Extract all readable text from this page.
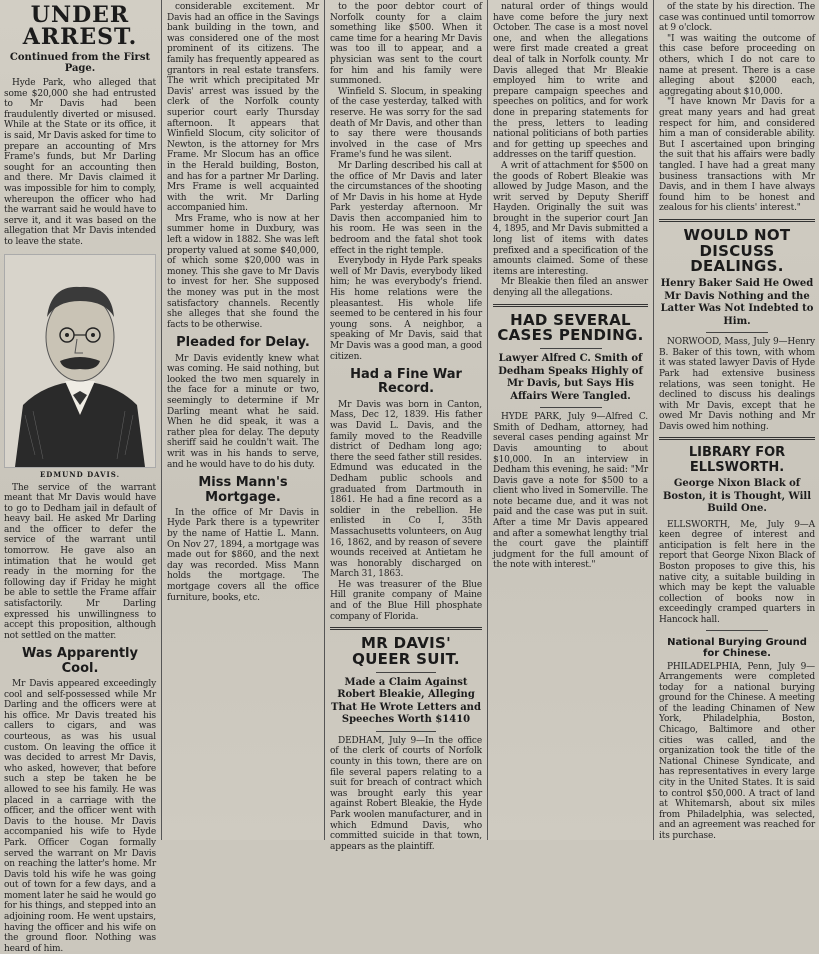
UNDER ARREST.
Continued from the First Page.

Hyde Park, who alleged that some $20,000 she had entrusted to Mr Davis had been fraudulently diverted or misused. While at the State or its office, it is said, Mr Davis asked for time to prepare an accounting of Mrs Frame's funds, but Mr Darling sought for an accounting then and there. Mr Davis claimed it was impossible for him to comply, whereupon the officer who had the warrant said he would have to serve it, and it was based on the allegation that Mr Davis intended to leave the state.

EDMUND DAVIS.

The service of the warrant meant that Mr Davis would have to go to Dedham jail in default of heavy bail. He asked Mr Darling and the officer to defer the service of the warrant until tomorrow. He gave also an intimation that he would get ready in the morning for the following day if Friday he might be able to settle the Frame affair satisfactorily. Mr Darling expressed his unwillingness to accept this proposition, although not settled on the matter.

Was Apparently Cool.

Mr Davis appeared exceedingly cool and self-possessed while Mr Darling and the officers were at his office. Mr Davis treated his callers to cigars, and was courteous, as was his usual custom. On leaving the office it was decided to arrest Mr Davis, who asked, however, that before such a step be taken he be allowed to see his family. He was placed in a carriage with the officer, and the officer went with Davis to the house. Mr Davis accompanied his wife to Hyde Park. Officer Cogan formally served the warrant on Mr Davis on reaching the latter's home. Mr Davis told his wife he was going out of town for a few days, and a moment later he said he would go for his things, and stepped into an adjoining room. He went upstairs, having the officer and his wife on the ground floor. Nothing was heard of him.

considerable excitement. Mr Davis had an office in the Savings bank building in the town, and was considered one of the most prominent of its citizens. The family has frequently appeared as grantors in real estate transfers. The writ which precipitated Mr Davis' arrest was issued by the clerk of the Norfolk county superior court early Thursday afternoon. It appears that Winfield Slocum, city solicitor of Newton, is the attorney for Mrs Frame. Mr Slocum has an office in the Herald building, Boston, and has for a partner Mr Darling. Mrs Frame is well acquainted with the writ. Mr Darling accompanied him.

Mrs Frame, who is now at her summer home in Duxbury, was left a widow in 1882. She was left property valued at some $40,000, of which some $20,000 was in money. This she gave to Mr Davis to invest for her. She supposed the money was put in the most satisfactory channels. Recently she alleges that she found the facts to be otherwise.

Pleaded for Delay.

Mr Davis evidently knew what was coming. He said nothing, but looked the two men squarely in the face for a minute or two, seemingly to determine if Mr Darling meant what he said. When he did speak, it was a rather plea for delay. The deputy sheriff said he couldn't wait. The writ was in his hands to serve, and he would have to do his duty.

Miss Mann's Mortgage.

In the office of Mr Davis in Hyde Park there is a typewriter by the name of Hattie L. Mann. On Nov 27, 1894, a mortgage was made out for $860, and the next day was recorded. Miss Mann holds the mortgage. The mortgage covers all the office furniture, books, etc.

to the poor debtor court of Norfolk county for a claim something like $500. When it came time for a hearing Mr Davis was too ill to appear, and a physician was sent to the court for him and his family were summoned.

Winfield S. Slocum, in speaking of the case yesterday, talked with reserve. He was sorry for the sad death of Mr Davis, and other than to say there were thousands involved in the case of Mrs Frame's fund he was silent.

Mr Darling described his call at the office of Mr Davis and later the circumstances of the shooting of Mr Davis in his home at Hyde Park yesterday afternoon. Mr Davis then accompanied him to his room. He was seen in the bedroom and the fatal shot took effect in the right temple.

Everybody in Hyde Park speaks well of Mr Davis, everybody liked him; he was everybody's friend. His home relations were the pleasantest. His whole life seemed to be centered in his four young sons. A neighbor, a speaking of Mr Davis, said that Mr Davis was a good man, a good citizen.

Had a Fine War Record.

Mr Davis was born in Canton, Mass, Dec 12, 1839. His father was David L. Davis, and the family moved to the Readville district of Dedham long ago; there the seed father still resides. Edmund was educated in the Dedham public schools and graduated from Dartmouth in 1861. He had a fine record as a soldier in the rebellion. He enlisted in Co I, 35th Massachusetts volunteers, on Aug 16, 1862, and by reason of severe wounds received at Antietam he was honorably discharged on March 31, 1863.

He was treasurer of the Blue Hill granite company of Maine and of the Blue Hill phosphate company of Florida.

MR DAVIS' QUEER SUIT.
Made a Claim Against Robert Bleakie, Alleging That He Wrote Letters and Speeches Worth $1410

DEDHAM, July 9—In the office of the clerk of courts of Norfolk county in this town, there are on file several papers relating to a suit for breach of contract which was brought early this year against Robert Bleakie, the Hyde Park woolen manufacturer, and in which Edmund Davis, who committed suicide in that town, appears as the plaintiff.

natural order of things would have come before the jury next October. The case is a most novel one, and when the allegations were first made created a great deal of talk in Norfolk county. Mr Davis alleged that Mr Bleakie employed him to write and prepare campaign speeches and speeches on politics, and for work done in preparing statements for the press, letters to leading national politicians of both parties and for getting up speeches and addresses on the tariff question.

A writ of attachment for $500 on the goods of Robert Bleakie was allowed by Judge Mason, and the writ served by Deputy Sheriff Hayden. Originally the suit was brought in the superior court Jan 4, 1895, and Mr Davis submitted a long list of items with dates prefixed and a specification of the amounts claimed. Some of these items are interesting.

Mr Bleakie then filed an answer denying all the allegations.

HAD SEVERAL CASES PENDING.
Lawyer Alfred C. Smith of Dedham Speaks Highly of Mr Davis, but Says His Affairs Were Tangled.

HYDE PARK, July 9—Alfred C. Smith of Dedham, attorney, had several cases pending against Mr Davis amounting to about $10,000. In an interview in Dedham this evening, he said: "Mr Davis gave a note for $500 to a client who lived in Somerville. The note became due, and it was not paid and the case was put in suit. After a time Mr Davis appeared and after a somewhat lengthy trial the court gave the plaintiff judgment for the full amount of the note with interest."

of the state by his direction. The case was continued until tomorrow at 9 o'clock.

"I was waiting the outcome of this case before proceeding on others, which I do not care to name at present. There is a case alleging about $2000 each, aggregating about $10,000.

"I have known Mr Davis for a great many years and had great respect for him, and considered him a man of considerable ability. But I ascertained upon bringing the suit that his affairs were badly tangled. I have had a great many business transactions with Mr Davis, and in them I have always found him to be honest and zealous for his clients' interest."

WOULD NOT DISCUSS DEALINGS.
Henry Baker Said He Owed Mr Davis Nothing and the Latter Was Not Indebted to Him.

NORWOOD, Mass, July 9—Henry B. Baker of this town, with whom it was stated lawyer Davis of Hyde Park had extensive business relations, was seen tonight. He declined to discuss his dealings with Mr Davis, except that he owed Mr Davis nothing and Mr Davis owed him nothing.

LIBRARY FOR ELLSWORTH.
George Nixon Black of Boston, it is Thought, Will Build One.

ELLSWORTH, Me, July 9—A keen degree of interest and anticipation is felt here in the report that George Nixon Black of Boston proposes to give this, his native city, a suitable building in which may be kept the valuable collection of books now in exceedingly cramped quarters in Hancock hall.

National Burying Ground for Chinese.

PHILADELPHIA, Penn, July 9—Arrangements were completed today for a national burying ground for the Chinese. A meeting of the leading Chinamen of New York, Philadelphia, Boston, Chicago, Baltimore and other cities was called, and the organization took the title of the National Chinese Syndicate, and has representatives in every large city in the United States. It is said to control $50,000. A tract of land at Whitemarsh, about six miles from Philadelphia, was selected, and an agreement was reached for its purchase.
